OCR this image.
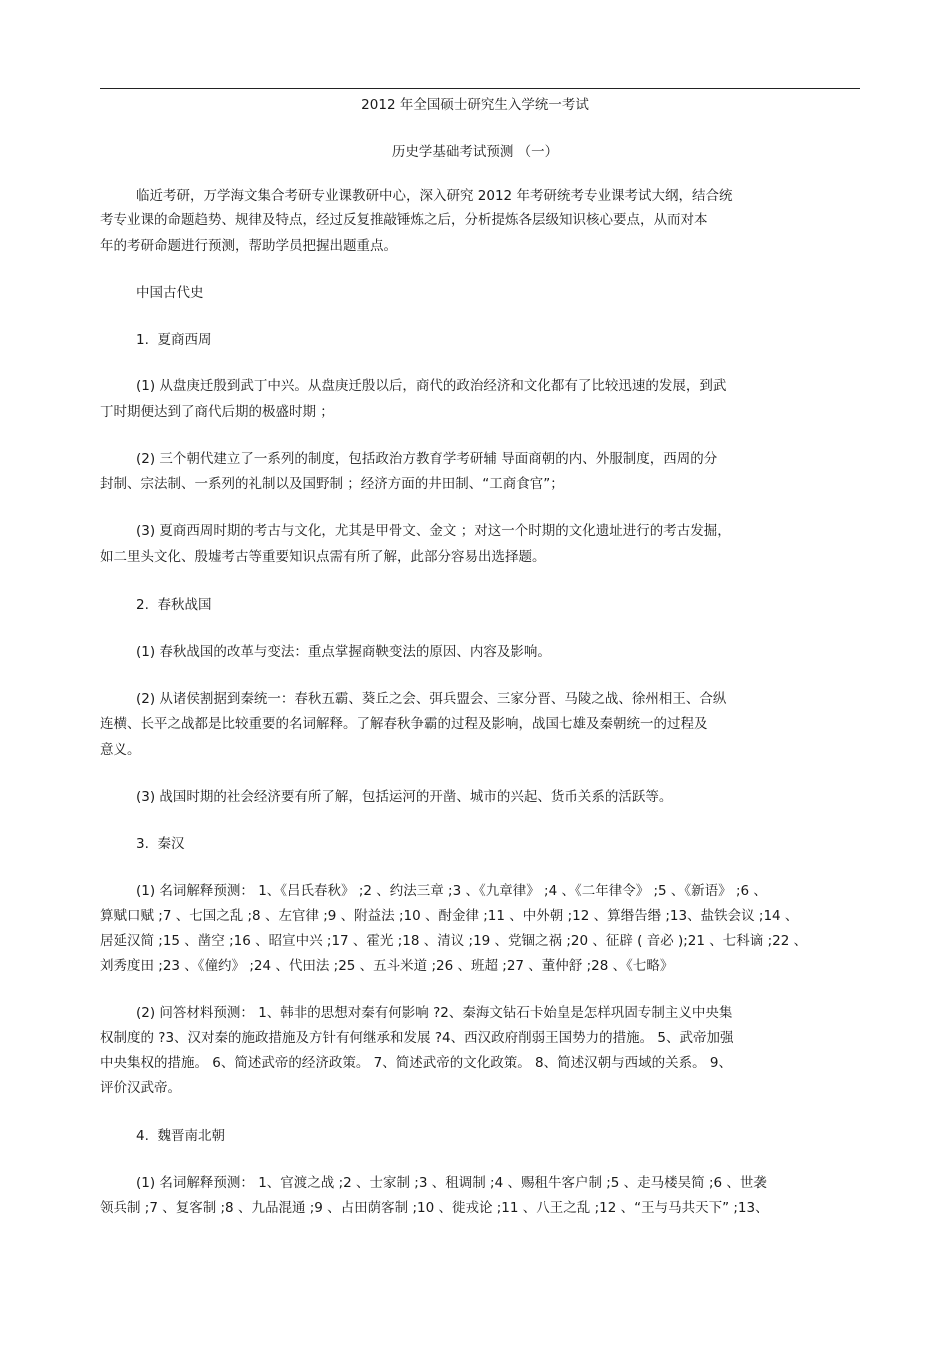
2012 年全国硕士研究生入学统一考试
历史学基础考试预测 （一）
临近考研，万学海文集合考研专业课教研中心，深入研究 2012 年考研统考专业课考试大纲，结合统
考专业课的命题趋势、规律及特点，经过反复推敲锤炼之后，分析提炼各层级知识核心要点，从而对本
年的考研命题进行预测，帮助学员把握出题重点。
中国古代史
1.  夏商西周
(1) 从盘庚迁殷到武丁中兴。从盘庚迁殷以后，商代的政治经济和文化都有了比较迅速的发展，到武
丁时期便达到了商代后期的极盛时期 ；
(2) 三个朝代建立了一系列的制度，包括政治方教育学考研辅 导面商朝的内、外服制度，西周的分
封制、宗法制、一系列的礼制以及国野制 ；经济方面的井田制、“工商食官”；
(3) 夏商西周时期的考古与文化，尤其是甲骨文、金文 ；对这一个时期的文化遗址进行的考古发掘，
如二里头文化、殷墟考古等重要知识点需有所了解，此部分容易出选择题。
2.  春秋战国
(1) 春秋战国的改革与变法：重点掌握商鞅变法的原因、内容及影响。
(2) 从诸侯割据到秦统一：春秋五霸、葵丘之会、弭兵盟会、三家分晋、马陵之战、徐州相王、合纵
连横、长平之战都是比较重要的名词解释。了解春秋争霸的过程及影响，战国七雄及秦朝统一的过程及
意义。
(3) 战国时期的社会经济要有所了解，包括运河的开凿、城市的兴起、货币关系的活跃等。
3.  秦汉
(1) 名词解释预测： 1、《吕氏春秋》 ;2 、约法三章 ;3 、《九章律》 ;4 、《二年律令》 ;5 、《新语》 ;6 、
算赋口赋 ;7 、七国之乱 ;8 、左官律 ;9 、附益法 ;10 、酎金律 ;11 、中外朝 ;12 、算缗告缗 ;13、盐铁会议 ;14 、
居延汉简 ;15 、凿空 ;16 、昭宣中兴 ;17 、霍光 ;18 、清议 ;19 、党锢之祸 ;20 、征辟 ( 音必 );21 、七科谪 ;22 、
刘秀度田 ;23 、《僮约》 ;24 、代田法 ;25 、五斗米道 ;26 、班超 ;27 、董仲舒 ;28 、《七略》
(2) 问答材料预测： 1、韩非的思想对秦有何影响 ?2、秦海文钻石卡始皇是怎样巩固专制主义中央集
权制度的 ?3、汉对秦的施政措施及方针有何继承和发展 ?4、西汉政府削弱王国势力的措施。 5、武帝加强
中央集权的措施。 6、简述武帝的经济政策。 7、简述武帝的文化政策。 8、简述汉朝与西域的关系。 9、
评价汉武帝。
4.  魏晋南北朝
(1) 名词解释预测： 1、官渡之战 ;2 、士家制 ;3 、租调制 ;4 、赐租牛客户制 ;5 、走马楼吴简 ;6 、世袭
领兵制 ;7 、复客制 ;8 、九品混通 ;9 、占田荫客制 ;10 、徙戎论 ;11 、八王之乱 ;12 、“王与马共天下” ;13、
